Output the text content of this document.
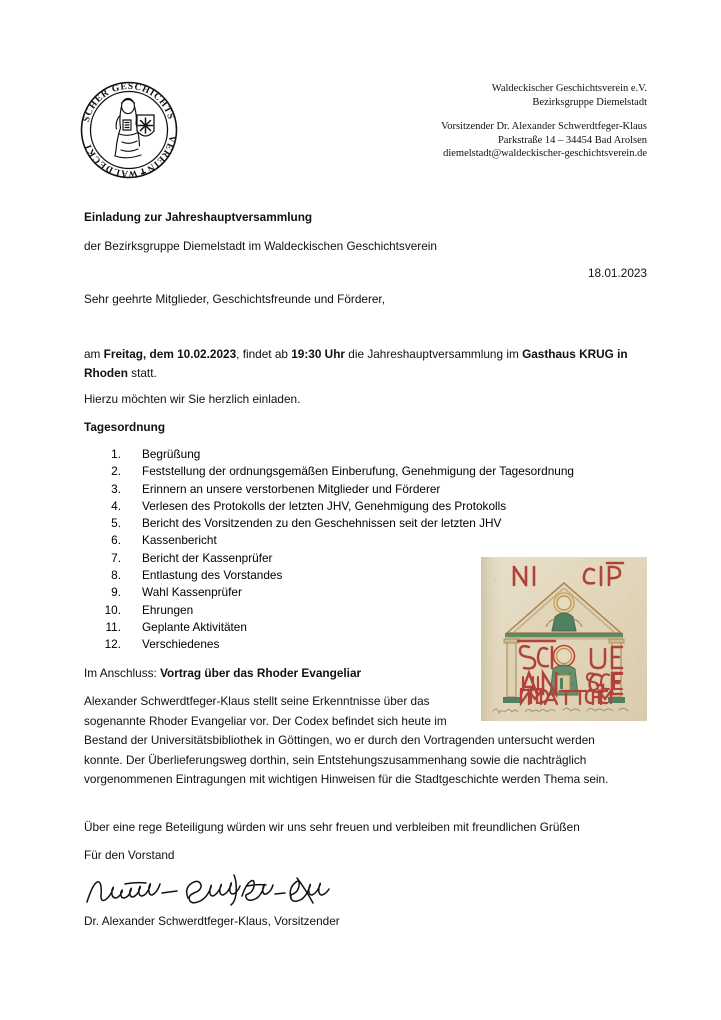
SCHER GESCHICHTS
VEREIN✝WALDECKI
Waldeckischer Geschichtsverein e.V.
Bezirksgruppe Diemelstadt
Vorsitzender Dr. Alexander Schwerdtfeger-Klaus
Parkstraße 14 – 34454 Bad Arolsen
diemelstadt@waldeckischer-geschichtsverein.de
Einladung zur Jahreshauptversammlung
der Bezirksgruppe Diemelstadt im Waldeckischen Geschichtsverein
18.01.2023
Sehr geehrte Mitglieder, Geschichtsfreunde und Förderer,
am Freitag, dem 10.02.2023, findet ab 19:30 Uhr die Jahreshauptversammlung im Gasthaus KRUG in Rhoden statt.
Hierzu möchten wir Sie herzlich einladen.
Tagesordnung
1. Begrüßung
2. Feststellung der ordnungsgemäßen Einberufung, Genehmigung der Tagesordnung
3. Erinnern an unsere verstorbenen Mitglieder und Förderer
4. Verlesen des Protokolls der letzten JHV, Genehmigung des Protokolls
5. Bericht des Vorsitzenden zu den Geschehnissen seit der letzten JHV
6. Kassenbericht
7. Bericht der Kassenprüfer
8. Entlastung des Vorstandes
9. Wahl Kassenprüfer
10. Ehrungen
11. Geplante Aktivitäten
12. Verschiedenes
Im Anschluss: Vortrag über das Rhoder Evangeliar
Alexander Schwerdtfeger-Klaus stellt seine Erkenntnisse über das
sogenannte Rhoder Evangeliar vor. Der Codex befindet sich heute im
Bestand der Universitätsbibliothek in Göttingen, wo er durch den Vortragenden untersucht werden
konnte. Der Überlieferungsweg dorthin, sein Entstehungszusammenhang sowie die nachträglich
vorgenommenen Eintragungen mit wichtigen Hinweisen für die Stadtgeschichte werden Thema sein.
Über eine rege Beteiligung würden wir uns sehr freuen und verbleiben mit freundlichen Grüßen
Für den Vorstand
Dr. Alexander Schwerdtfeger-Klaus, Vorsitzender
